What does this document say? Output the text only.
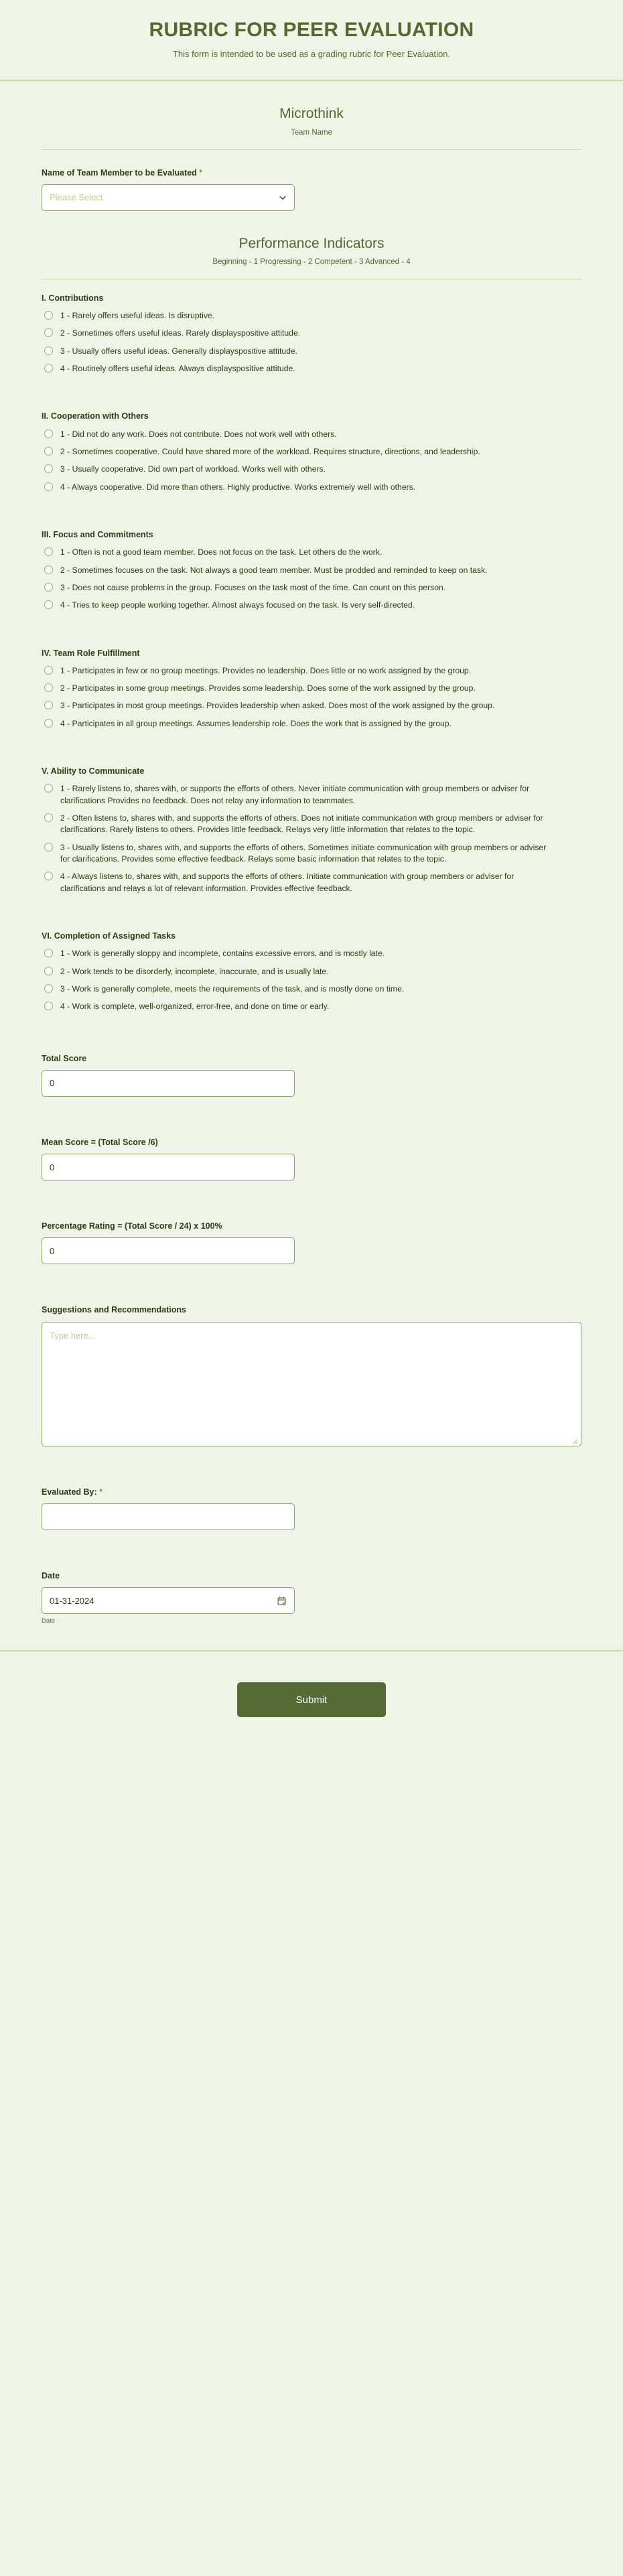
RUBRIC FOR PEER EVALUATION

This form is intended to be used as a grading rubric for Peer Evaluation.

Microthink
Team Name
Name of Team Member to be Evaluated *
Please Select
Performance Indicators
Beginning - 1 Progressing - 2 Competent - 3 Advanced - 4
I. Contributions
1 - Rarely offers useful ideas. Is disruptive.
2 - Sometimes offers useful ideas. Rarely displayspositive attitude.
3 - Usually offers useful ideas. Generally displayspositive attitude.
4 - Routinely offers useful ideas. Always displayspositive attitude.
II. Cooperation with Others
1 - Did not do any work. Does not contribute. Does not work well with others.
2 - Sometimes cooperative. Could have shared more of the workload. Requires structure, directions, and leadership.
3 - Usually cooperative. Did own part of workload. Works well with others.
4 - Always cooperative. Did more than others. Highly productive. Works extremely well with others.
III. Focus and Commitments
1 - Often is not a good team member. Does not focus on the task. Let others do the work.
2 - Sometimes focuses on the task. Not always a good team member. Must be prodded and reminded to keep on task.
3 - Does not cause problems in the group. Focuses on the task most of the time. Can count on this person.
4 - Tries to keep people working together. Almost always focused on the task. Is very self-directed.
IV. Team Role Fulfillment
1 - Participates in few or no group meetings. Provides no leadership. Does little or no work assigned by the group.
2 - Participates in some group meetings. Provides some leadership. Does some of the work assigned by the group.
3 - Participates in most group meetings. Provides leadership when asked. Does most of the work assigned by the group.
4 - Participates in all group meetings. Assumes leadership role. Does the work that is assigned by the group.
V. Ability to Communicate
1 - Rarely listens to, shares with, or supports the efforts of others. Never initiate communication with group members or adviser for clarifications Provides no feedback. Does not relay any information to teammates.
2 - Often listens to, shares with, and supports the efforts of others. Does not initiate communication with group members or adviser for clarifications. Rarely listens to others. Provides little feedback. Relays very little information that relates to the topic.
3 - Usually listens to, shares with, and supports the efforts of others. Sometimes initiate communication with group members or adviser for clarifications. Provides some effective feedback. Relays some basic information that relates to the topic.
4 - Always listens to, shares with, and supports the efforts of others. Initiate communication with group members or adviser for clarifications and relays a lot of relevant information. Provides effective feedback.
VI. Completion of Assigned Tasks
1 - Work is generally sloppy and incomplete, contains excessive errors, and is mostly late.
2 - Work tends to be disorderly, incomplete, inaccurate, and is usually late.
3 - Work is generally complete, meets the requirements of the task, and is mostly done on time.
4 - Work is complete, well-organized, error-free, and done on time or early.
Total Score
0
Mean Score = (Total Score /6)
0
Percentage Rating = (Total Score / 24) x 100%
0
Suggestions and Recommendations
Type here...
Evaluated By: *
Date
01-31-2024
Date
Submit
